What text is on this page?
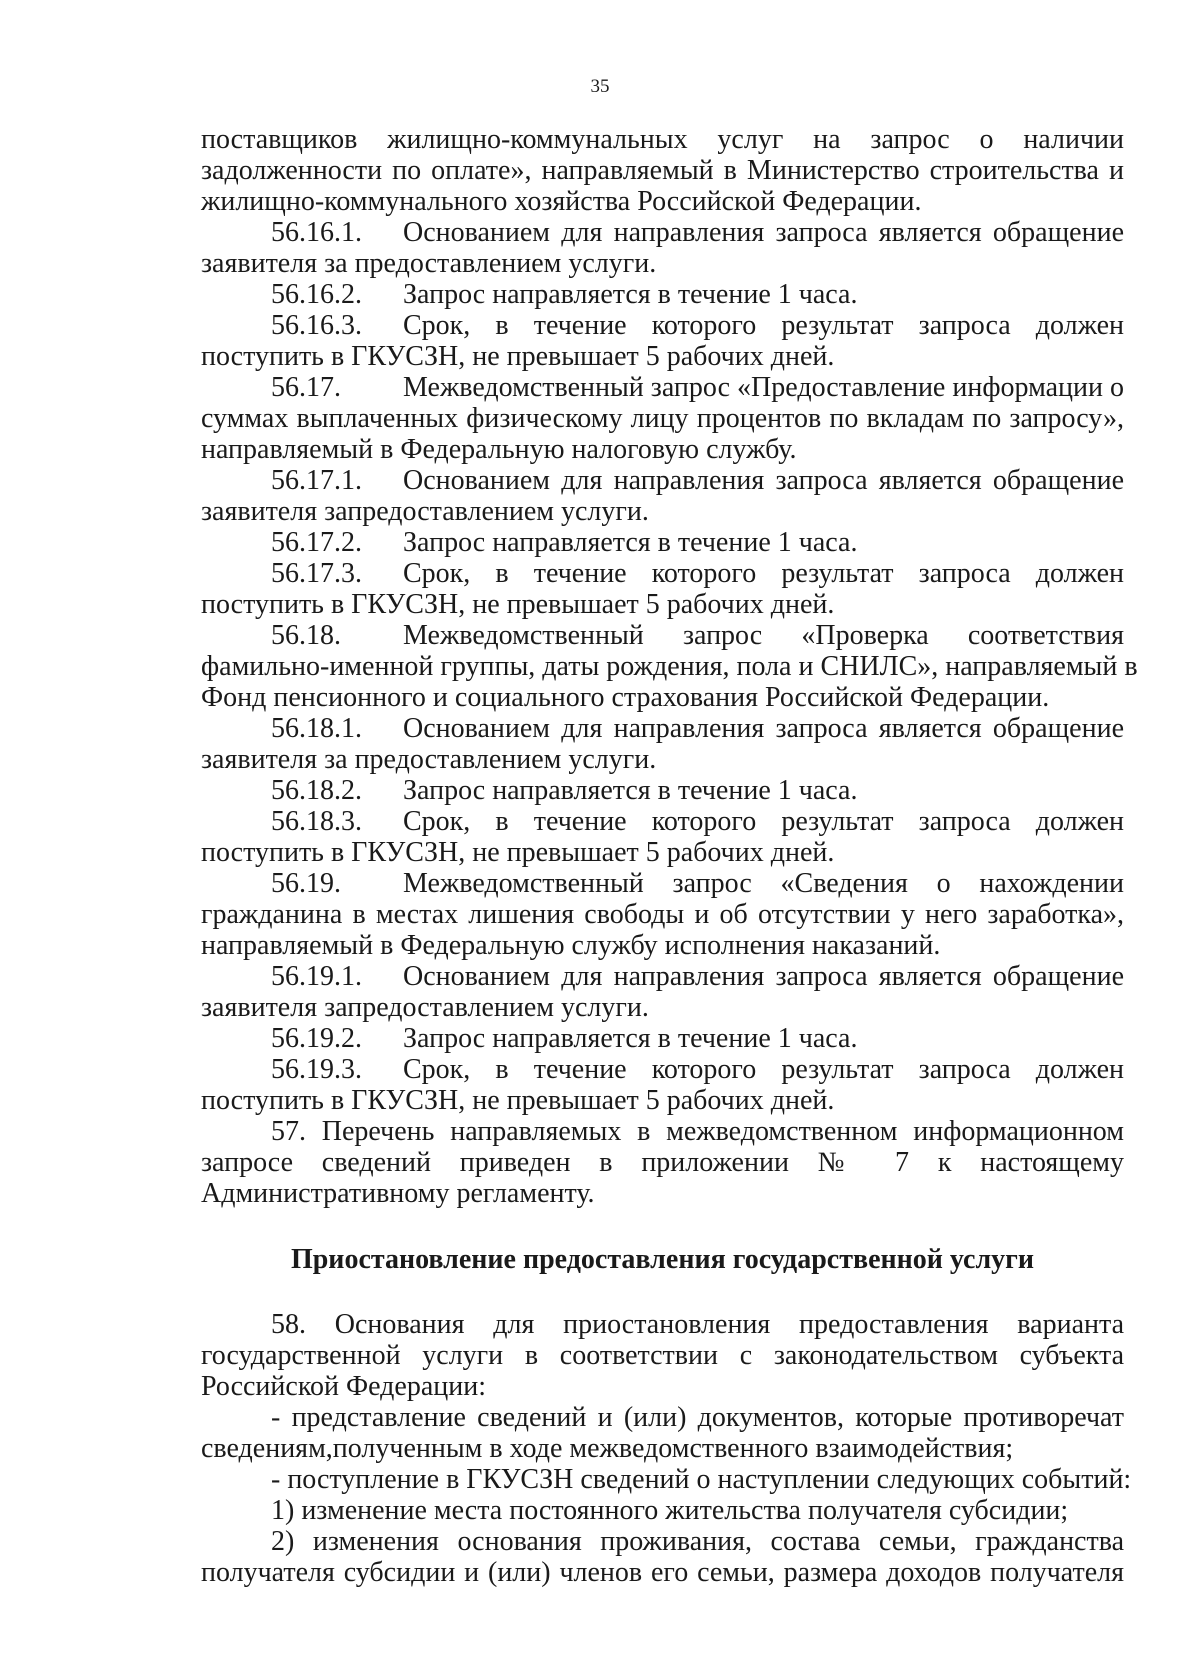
35

поставщиков жилищно-коммунальных услуг на запрос о наличии

задолженности по оплате», направляемый в Министерство строительства и

жилищно-коммунального хозяйства Российской Федерации.

56.16.1.	Основанием для направления запроса является обращение

заявителя за предоставлением услуги.

56.16.2.	Запрос направляется в течение 1 часа.

56.16.3.	Срок, в течение которого результат запроса должен

поступить в ГКУСЗН, не превышает 5 рабочих дней.

56.17.	Межведомственный запрос «Предоставление информации о

суммах выплаченных физическому лицу процентов по вкладам по запросу»,

направляемый в Федеральную налоговую службу.

56.17.1.	Основанием для направления запроса является обращение

заявителя запредоставлением услуги.

56.17.2.	Запрос направляется в течение 1 часа.

56.17.3.	Срок, в течение которого результат запроса должен

поступить в ГКУСЗН, не превышает 5 рабочих дней.

56.18.	Межведомственный запрос «Проверка соответствия

фамильно-именной группы, даты рождения, пола и СНИЛС», направляемый в

Фонд пенсионного и социального страхования Российской Федерации.

56.18.1.	Основанием для направления запроса является обращение

заявителя за предоставлением услуги.

56.18.2.	Запрос направляется в течение 1 часа.

56.18.3.	Срок, в течение которого результат запроса должен

поступить в ГКУСЗН, не превышает 5 рабочих дней.

56.19.	Межведомственный запрос «Сведения о нахождении

гражданина в местах лишения свободы и об отсутствии у него заработка»,

направляемый в Федеральную службу исполнения наказаний.

56.19.1.	Основанием для направления запроса является обращение

заявителя запредоставлением услуги.

56.19.2.	Запрос направляется в течение 1 часа.

56.19.3.	Срок, в течение которого результат запроса должен

поступить в ГКУСЗН, не превышает 5 рабочих дней.

57. Перечень направляемых в межведомственном информационном

запросе сведений приведен в приложении № 7 к настоящему

Административному регламенту.

Приостановление предоставления государственной услуги

58. Основания для приостановления предоставления варианта

государственной услуги в соответствии с законодательством субъекта

Российской Федерации:

- представление сведений и (или) документов, которые противоречат

сведениям,полученным в ходе межведомственного взаимодействия;

- поступление в ГКУСЗН сведений о наступлении следующих событий:

1) изменение места постоянного жительства получателя субсидии;

2) изменения основания проживания, состава семьи, гражданства

получателя субсидии и (или) членов его семьи, размера доходов получателя
